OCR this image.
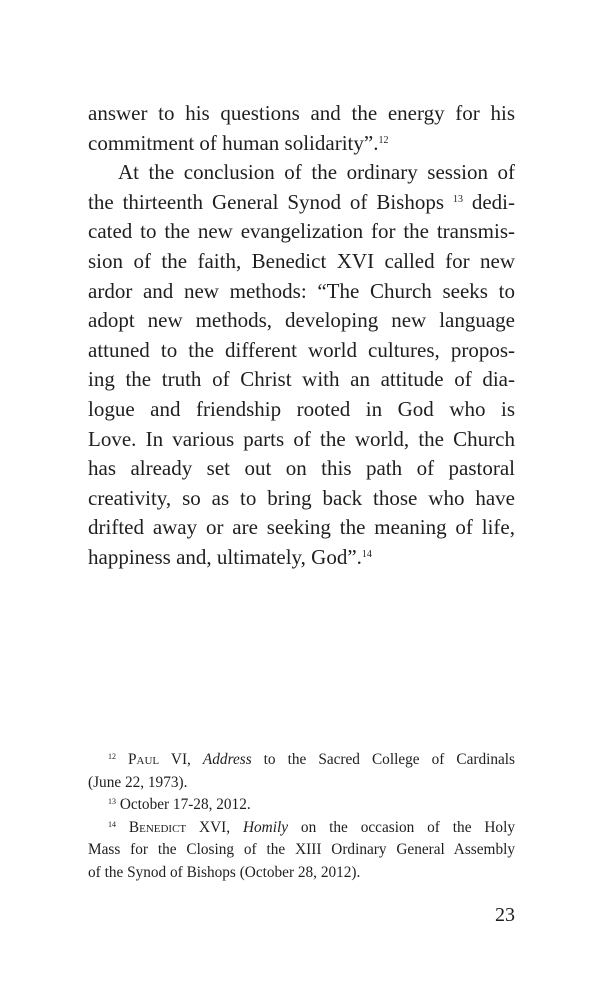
answer to his questions and the energy for his
commitment of human solidarity”.$^{12}$
At the conclusion of the ordinary session of
the thirteenth General Synod of Bishops $^{13}$ dedi-
cated to the new evangelization for the transmis-
sion of the faith, Benedict XVI called for new
ardor and new methods: “The Church seeks to
adopt new methods, developing new language
attuned to the different world cultures, propos-
ing the truth of Christ with an attitude of dia-
logue and friendship rooted in God who is
Love. In various parts of the world, the Church
has already set out on this path of pastoral
creativity, so as to bring back those who have
drifted away or are seeking the meaning of life,
happiness and, ultimately, God”.$^{14}$
$^{12}$ Paul VI, Address to the Sacred College of Cardinals
(June 22, 1973).
$^{13}$ October 17-28, 2012.
$^{14}$ Benedict XVI, Homily on the occasion of the Holy
Mass for the Closing of the XIII Ordinary General Assembly
of the Synod of Bishops (October 28, 2012).
23
